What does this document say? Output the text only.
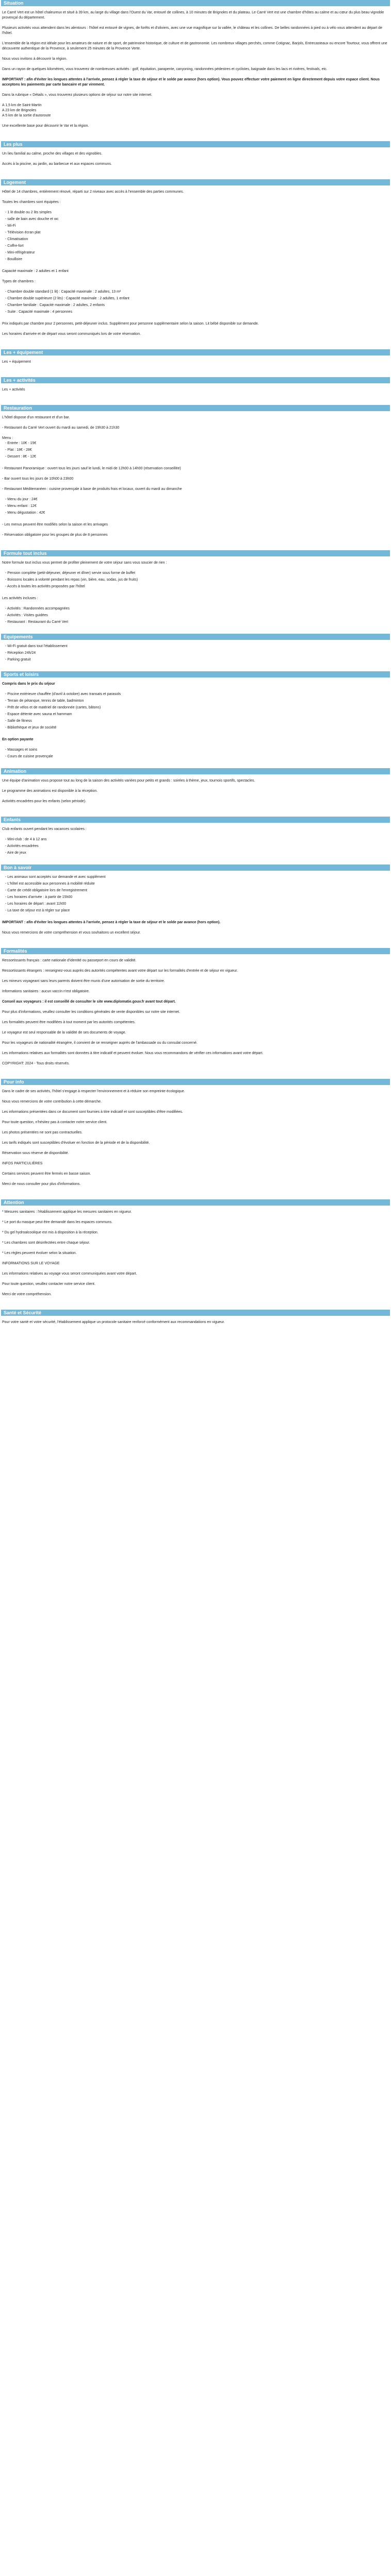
Situation

Le Carré Vert est un hôtel chaleureux et situé à 39 km, au large du village dans l'Ouest du Var, entouré de collines, à 10 minutes de Brignoles et du plateau. Le Carré Vert est une chambre d'hôtes au calme et au cœur du plus beau vignoble provençal du département.

Plusieurs activités vous attendent dans les alentours : l'hôtel est entouré de vignes, de forêts et d'oliviers, avec une vue magnifique sur la vallée, le château et les collines. De belles randonnées à pied ou à vélo vous attendent au départ de l'hôtel.

L'ensemble de la région est idéale pour les amateurs de nature et de sport, de patrimoine historique, de culture et de gastronomie. Les nombreux villages perchés, comme Cotignac, Barjols, Entrecasteaux ou encore Tourtour, vous offrent une découverte authentique de la Provence, à seulement 25 minutes de la Provence Verte.

Nous vous invitons à découvrir la région.

Dans un rayon de quelques kilomètres, vous trouverez de nombreuses activités : golf, équitation, parapente, canyoning, randonnées pédestres et cyclistes, baignade dans les lacs et rivières, festivals, etc.

IMPORTANT : afin d'éviter les longues attentes à l'arrivée, pensez à régler la taxe de séjour et le solde par avance (hors option). Vous pouvez effectuer votre paiement en ligne directement depuis votre espace client. Nous acceptons les paiements par carte bancaire et par virement.

Dans la rubrique « Détails », vous trouverez plusieurs options de séjour sur notre site internet.

A 1,5 km de Saint-Martin
A 23 km de Brignoles
A 5 km de la sortie d'autoroute

Une excellente base pour découvrir le Var et la région.

Les plus

Un lieu familial au calme, proche des villages et des vignobles.

Accès à la piscine, au jardin, au barbecue et aux espaces communs.

Logement

Hôtel de 14 chambres, entièrement rénové, réparti sur 2 niveaux avec accès à l'ensemble des parties communes.

Toutes les chambres sont équipées :

- 1 lit double ou 2 lits simples
- salle de bain avec douche et wc
- Wi-Fi
- Télévision écran plat
- Climatisation
- Coffre-fort
- Mini-réfrigérateur
- Bouilloire

Capacité maximale : 2 adultes et 1 enfant

Types de chambres :

- Chambre double standard (1 lit) : Capacité maximale : 2 adultes, 13 m²
- Chambre double supérieure (2 lits) : Capacité maximale : 2 adultes, 1 enfant
- Chambre familiale : Capacité maximale : 2 adultes, 2 enfants
- Suite : Capacité maximale : 4 personnes

Prix indiqués par chambre pour 2 personnes, petit-déjeuner inclus. Supplément pour personne supplémentaire selon la saison. Lit bébé disponible sur demande.

Les horaires d'arrivée et de départ vous seront communiqués lors de votre réservation.

Les + équipement

Les + équipement

Les + activités

Les + activités

Restauration

L'hôtel dispose d'un restaurant et d'un bar.

- Restaurant du Carré Vert ouvert du mardi au samedi, de 19h30 à 21h30

Menu :
- Entrée : 10€ - 15€
- Plat : 18€ - 28€
- Dessert : 8€ - 12€

- Restaurant Panoramique : ouvert tous les jours sauf le lundi, le midi de 12h00 à 14h00 (réservation conseillée)

- Bar ouvert tous les jours de 10h00 à 23h00

- Restaurant Méditerranéen : cuisine provençale à base de produits frais et locaux, ouvert du mardi au dimanche

- Menu du jour : 24€
- Menu enfant : 12€
- Menu dégustation : 42€

- Les menus peuvent être modifiés selon la saison et les arrivages

- Réservation obligatoire pour les groupes de plus de 8 personnes

Formule tout inclus

Notre formule tout inclus vous permet de profiter pleinement de votre séjour sans vous soucier de rien :

- Pension complète (petit-déjeuner, déjeuner et dîner) servie sous forme de buffet
- Boissons locales à volonté pendant les repas (vin, bière, eau, sodas, jus de fruits)
- Accès à toutes les activités proposées par l'hôtel

Les activités incluses :

- Activités : Randonnées accompagnées
- Activités : Visites guidées
- Restaurant : Restaurant du Carré Vert
Equipements
- Wi-Fi gratuit dans tout l'établissement
- Réception 24h/24
- Parking gratuit
Sports et loisirs

Compris dans le prix du séjour

- Piscine extérieure chauffée (d'avril à octobre) avec transats et parasols
- Terrain de pétanque, tennis de table, badminton
- Prêt de vélos et de matériel de randonnée (cartes, bâtons)
- Espace détente avec sauna et hammam
- Salle de fitness
- Bibliothèque et jeux de société

En option payante

- Massages et soins
- Cours de cuisine provençale
Animation

Une équipe d'animation vous propose tout au long de la saison des activités variées pour petits et grands : soirées à thème, jeux, tournois sportifs, spectacles.

Le programme des animations est disponible à la réception.

Activités encadrées pour les enfants (selon période).

Enfants

Club enfants ouvert pendant les vacances scolaires :

- Mini-club : de 4 à 12 ans
- Activités encadrées
- Aire de jeux
Bon à savoir
- Les animaux sont acceptés sur demande et avec supplément
- L'hôtel est accessible aux personnes à mobilité réduite
- Carte de crédit obligatoire lors de l'enregistrement
- Les horaires d'arrivée : à partir de 15h00
- Les horaires de départ : avant 11h00
- La taxe de séjour est à régler sur place

IMPORTANT : afin d'éviter les longues attentes à l'arrivée, pensez à régler la taxe de séjour et le solde par avance (hors option).

Nous vous remercions de votre compréhension et vous souhaitons un excellent séjour.

Formalités

Ressortissants français : carte nationale d'identité ou passeport en cours de validité.

Ressortissants étrangers : renseignez-vous auprès des autorités compétentes avant votre départ sur les formalités d'entrée et de séjour en vigueur.

Les mineurs voyageant sans leurs parents doivent être munis d'une autorisation de sortie du territoire.

Informations sanitaires : aucun vaccin n'est obligatoire.

Conseil aux voyageurs : il est conseillé de consulter le site www.diplomatie.gouv.fr avant tout départ.

Pour plus d'informations, veuillez consulter les conditions générales de vente disponibles sur notre site internet.

Les formalités peuvent être modifiées à tout moment par les autorités compétentes.

Le voyageur est seul responsable de la validité de ses documents de voyage.

Pour les voyageurs de nationalité étrangère, il convient de se renseigner auprès de l'ambassade ou du consulat concerné.

Les informations relatives aux formalités sont données à titre indicatif et peuvent évoluer. Nous vous recommandons de vérifier ces informations avant votre départ.

COPYRIGHT: 2024 - Tous droits réservés.

Pour info

Dans le cadre de ses activités, l'hôtel s'engage à respecter l'environnement et à réduire son empreinte écologique.

Nous vous remercions de votre contribution à cette démarche.

Les informations présentées dans ce document sont fournies à titre indicatif et sont susceptibles d'être modifiées.

Pour toute question, n'hésitez pas à contacter notre service client.

Les photos présentées ne sont pas contractuelles.

Les tarifs indiqués sont susceptibles d'évoluer en fonction de la période et de la disponibilité.

Réservation sous réserve de disponibilité.

INFOS PARTICULIÈRES

Certains services peuvent être fermés en basse saison.

Merci de nous consulter pour plus d'informations.

Attention

* Mesures sanitaires : l'établissement applique les mesures sanitaires en vigueur.

* Le port du masque peut être demandé dans les espaces communs.

* Du gel hydroalcoolique est mis à disposition à la réception.

* Les chambres sont désinfectées entre chaque séjour.

* Les règles peuvent évoluer selon la situation.

INFORMATIONS SUR LE VOYAGE

Les informations relatives au voyage vous seront communiquées avant votre départ.

Pour toute question, veuillez contacter notre service client.

Merci de votre compréhension.

Santé et Sécurité

Pour votre santé et votre sécurité, l'établissement applique un protocole sanitaire renforcé conformément aux recommandations en vigueur.
